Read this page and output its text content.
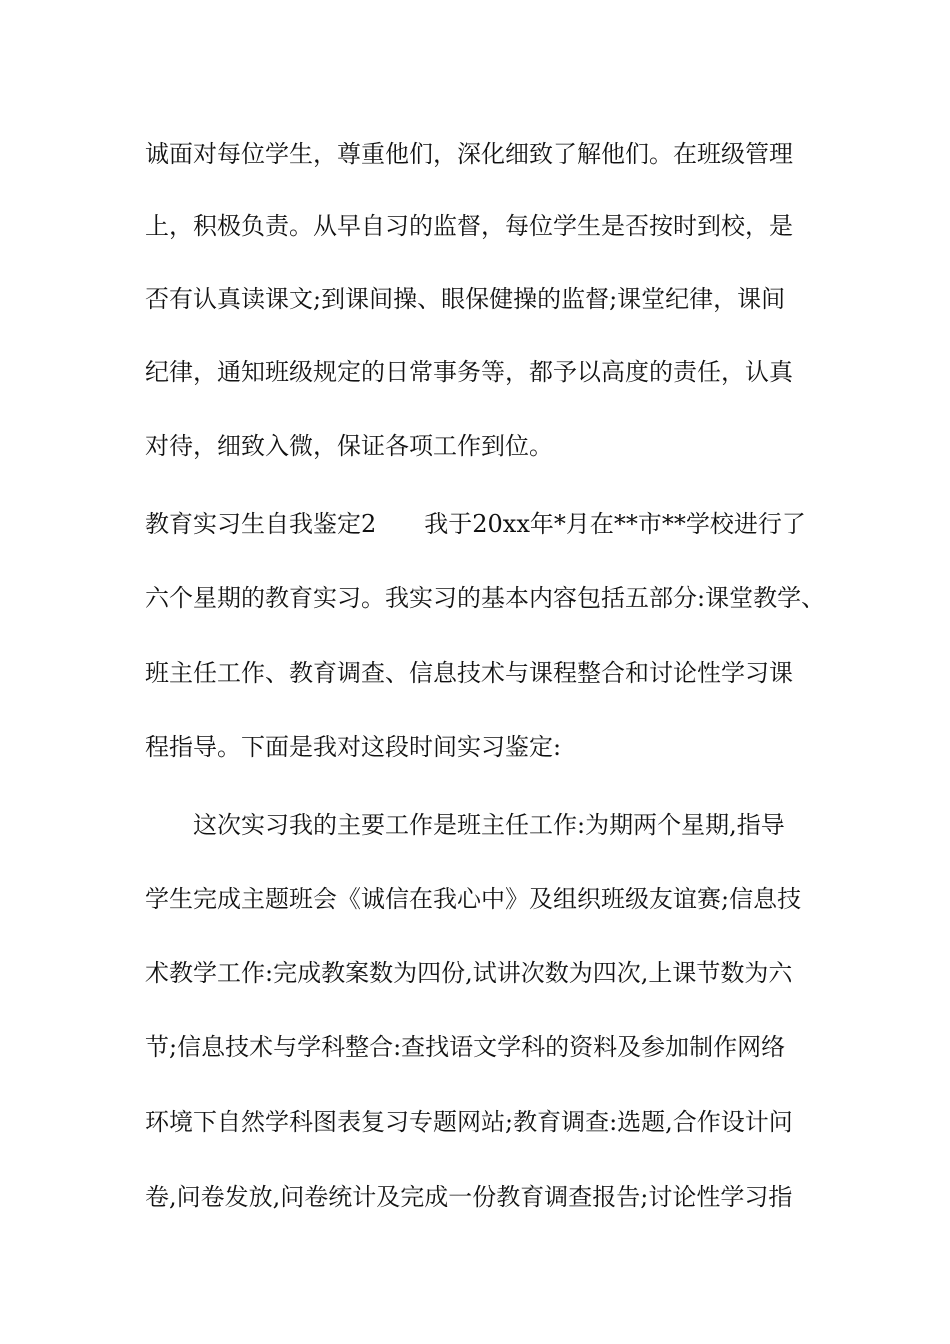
诚面对每位学生，尊重他们，深化细致了解他们。在班级管理
上，积极负责。从早自习的监督，每位学生是否按时到校，是
否有认真读课文;到课间操、眼保健操的监督;课堂纪律，课间
纪律，通知班级规定的日常事务等，都予以高度的责任，认真
对待，细致入微，保证各项工作到位。
教育实习生自我鉴定2　　我于20xx年*月在**市**学校进行了
六个星期的教育实习。我实习的基本内容包括五部分:课堂教学、
班主任工作、教育调查、信息技术与课程整合和讨论性学习课
程指导。下面是我对这段时间实习鉴定:
这次实习我的主要工作是班主任工作:为期两个星期,指导
学生完成主题班会《诚信在我心中》及组织班级友谊赛;信息技
术教学工作:完成教案数为四份,试讲次数为四次,上课节数为六
节;信息技术与学科整合:查找语文学科的资料及参加制作网络
环境下自然学科图表复习专题网站;教育调查:选题,合作设计问
卷,问卷发放,问卷统计及完成一份教育调查报告;讨论性学习指
